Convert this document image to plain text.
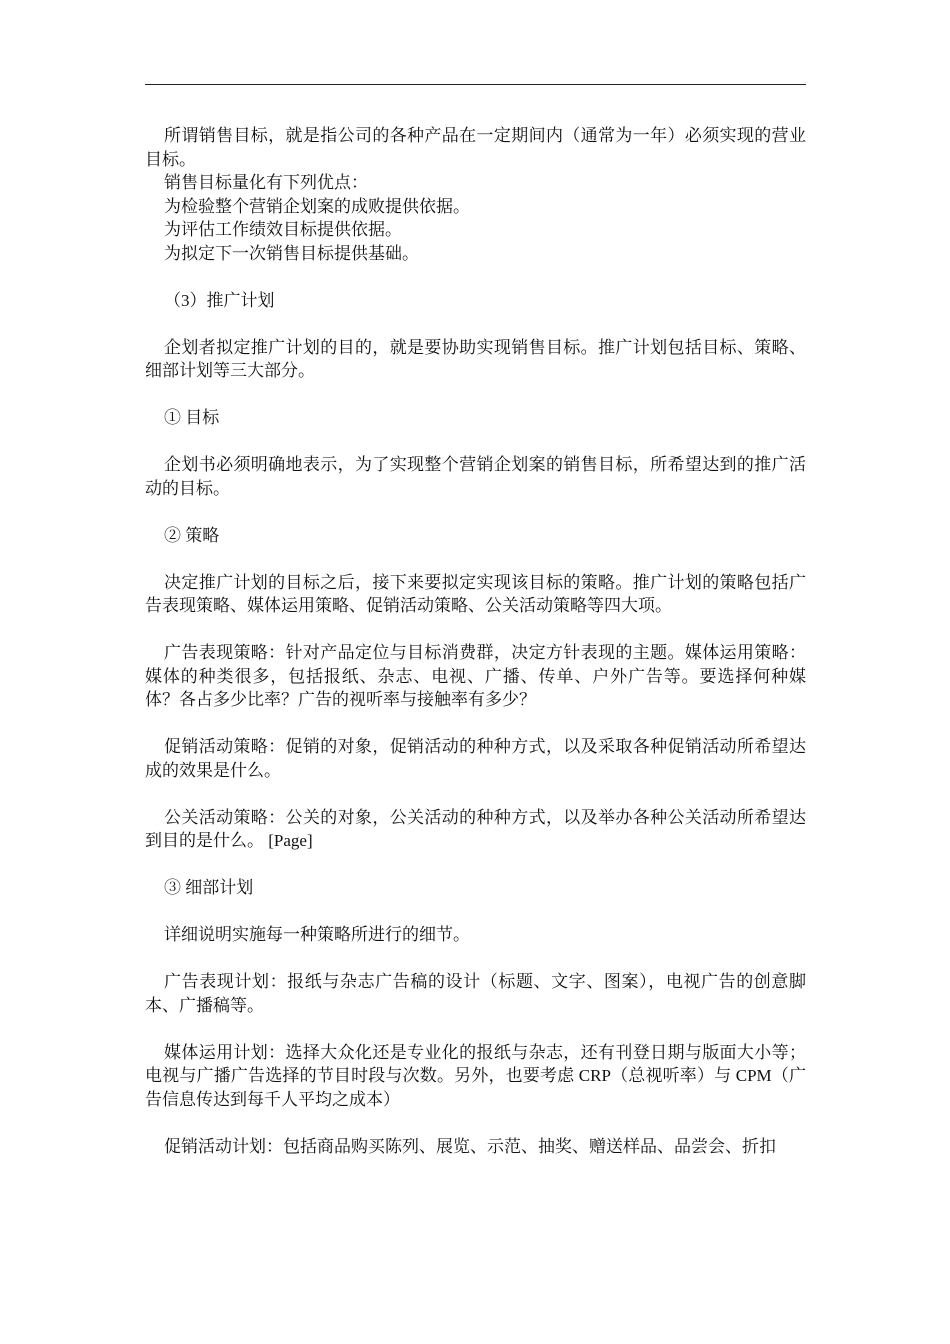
所谓销售目标，就是指公司的各种产品在一定期间内（通常为一年）必须实现的营业目标。

销售目标量化有下列优点：

为检验整个营销企划案的成败提供依据。

为评估工作绩效目标提供依据。

为拟定下一次销售目标提供基础。

（3）推广计划

企划者拟定推广计划的目的，就是要协助实现销售目标。推广计划包括目标、策略、细部计划等三大部分。

① 目标

企划书必须明确地表示，为了实现整个营销企划案的销售目标，所希望达到的推广活动的目标。

② 策略

决定推广计划的目标之后，接下来要拟定实现该目标的策略。推广计划的策略包括广告表现策略、媒体运用策略、促销活动策略、公关活动策略等四大项。

广告表现策略：针对产品定位与目标消费群，决定方针表现的主题。媒体运用策略：媒体的种类很多，包括报纸、杂志、电视、广播、传单、户外广告等。要选择何种媒体？各占多少比率？广告的视听率与接触率有多少？

促销活动策略：促销的对象，促销活动的种种方式，以及采取各种促销活动所希望达成的效果是什么。

公关活动策略：公关的对象，公关活动的种种方式，以及举办各种公关活动所希望达到目的是什么。 [Page]

③ 细部计划

详细说明实施每一种策略所进行的细节。

广告表现计划：报纸与杂志广告稿的设计（标题、文字、图案），电视广告的创意脚本、广播稿等。

媒体运用计划：选择大众化还是专业化的报纸与杂志，还有刊登日期与版面大小等；电视与广播广告选择的节目时段与次数。另外，也要考虑 CRP（总视听率）与 CPM（广告信息传达到每千人平均之成本）

促销活动计划：包括商品购买陈列、展览、示范、抽奖、赠送样品、品尝会、折扣
